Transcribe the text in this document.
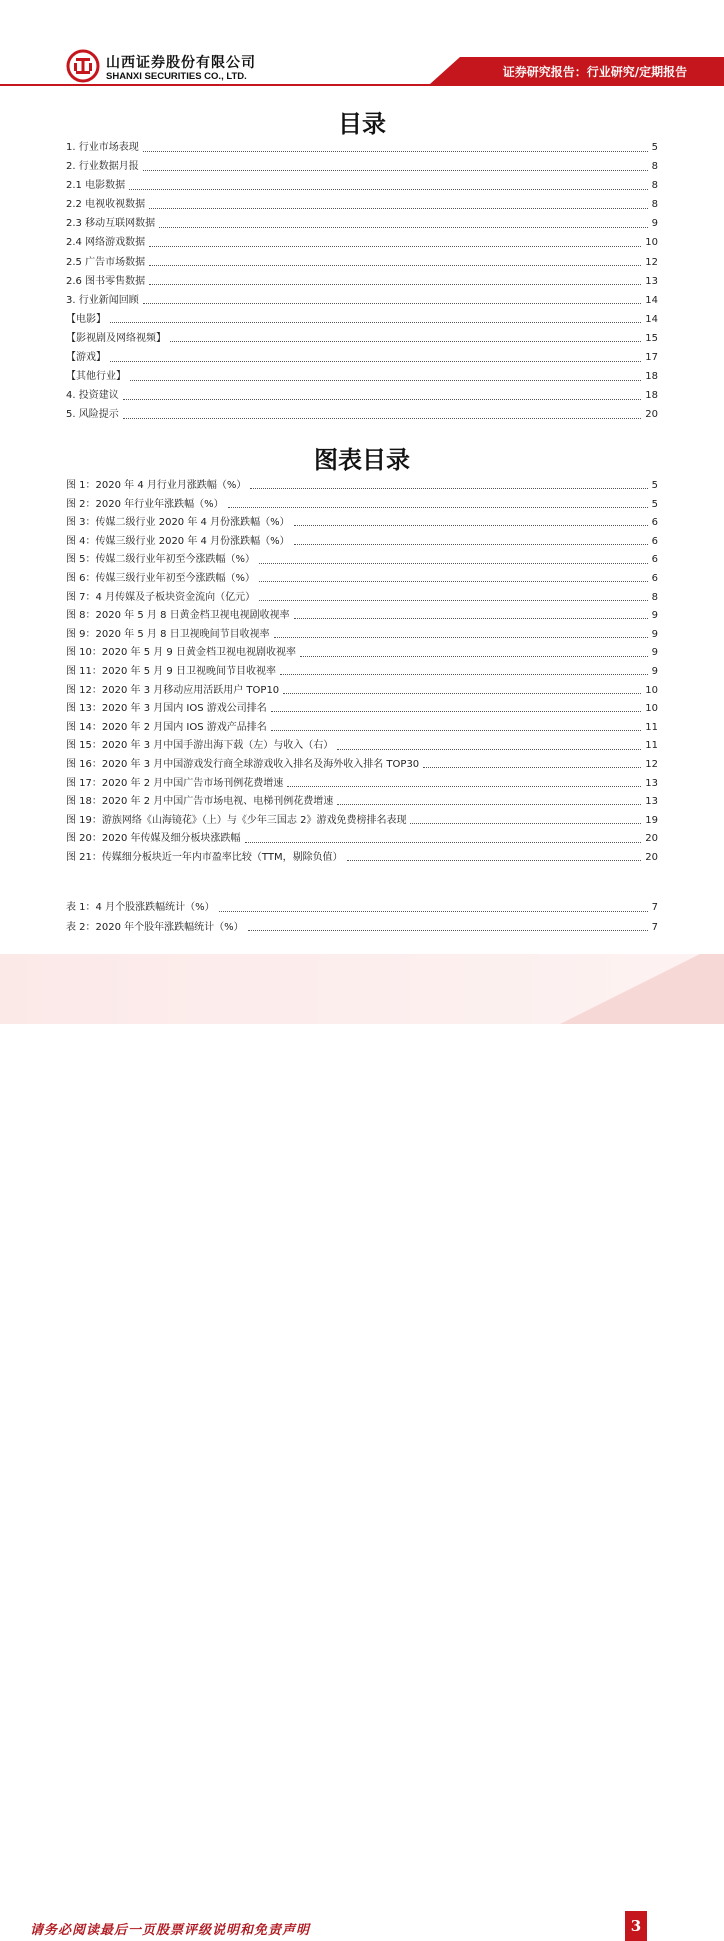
山西证券股份有限公司
SHANXI SECURITIES CO., LTD.	证券研究报告：行业研究/定期报告
目录
1. 行业市场表现	5
2. 行业数据月报	8
2.1 电影数据	8
2.2 电视收视数据	8
2.3 移动互联网数据	9
2.4 网络游戏数据	10
2.5 广告市场数据	12
2.6 图书零售数据	13
3. 行业新闻回顾	14
【电影】	14
【影视剧及网络视频】	15
【游戏】	17
【其他行业】	18
4. 投资建议	18
5. 风险提示	20
图表目录
图 1：2020 年 4 月行业月涨跌幅（%）	5
图 2：2020 年行业年涨跌幅（%）	5
图 3：传媒二级行业 2020 年 4 月份涨跌幅（%）	6
图 4：传媒三级行业 2020 年 4 月份涨跌幅（%）	6
图 5：传媒二级行业年初至今涨跌幅（%）	6
图 6：传媒三级行业年初至今涨跌幅（%）	6
图 7：4 月传媒及子板块资金流向（亿元）	8
图 8：2020 年 5 月 8 日黄金档卫视电视剧收视率	9
图 9：2020 年 5 月 8 日卫视晚间节目收视率	9
图 10：2020 年 5 月 9 日黄金档卫视电视剧收视率	9
图 11：2020 年 5 月 9 日卫视晚间节目收视率	9
图 12：2020 年 3 月移动应用活跃用户 TOP10	10
图 13：2020 年 3 月国内 IOS 游戏公司排名	10
图 14：2020 年 2 月国内 IOS 游戏产品排名	11
图 15：2020 年 3 月中国手游出海下载（左）与收入（右）	11
图 16：2020 年 3 月中国游戏发行商全球游戏收入排名及海外收入排名 TOP30	12
图 17：2020 年 2 月中国广告市场刊例花费增速	13
图 18：2020 年 2 月中国广告市场电视、电梯刊例花费增速	13
图 19：游族网络《山海镜花》（上）与《少年三国志 2》游戏免费榜排名表现	19
图 20：2020 年传媒及细分板块涨跌幅	20
图 21：传媒细分板块近一年内市盈率比较（TTM，剔除负值）	20
表 1：4 月个股涨跌幅统计（%）	7
表 2：2020 年个股年涨跌幅统计（%）	7
请务必阅读最后一页股票评级说明和免责声明	3
